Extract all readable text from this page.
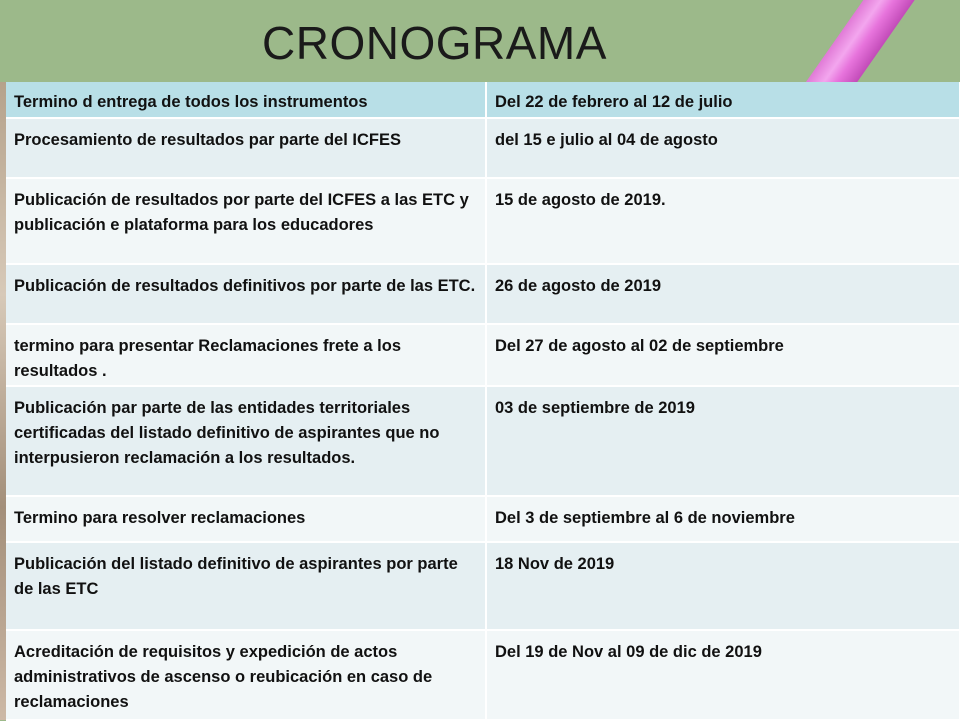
CRONOGRAMA
Termino d entrega de todos los instrumentos	Del 22 de febrero al 12 de julio
Procesamiento de resultados par parte del ICFES	del 15 e julio al 04 de agosto
Publicación de resultados por parte del ICFES a las ETC y publicación e plataforma para los educadores	15 de agosto de 2019.
Publicación de resultados definitivos por parte de las ETC.	26 de agosto de 2019
termino para presentar Reclamaciones frete a los resultados .	Del 27 de agosto al 02 de septiembre
Publicación par parte de las entidades territoriales certificadas del listado definitivo de aspirantes que no interpusieron reclamación a los resultados.	03 de septiembre de 2019
Termino para resolver reclamaciones	Del 3 de septiembre al 6 de noviembre
Publicación del listado definitivo de aspirantes por parte de las ETC	18 Nov de 2019
Acreditación de requisitos y expedición de actos administrativos de ascenso o reubicación en caso de reclamaciones	Del 19 de Nov al 09 de dic de 2019
